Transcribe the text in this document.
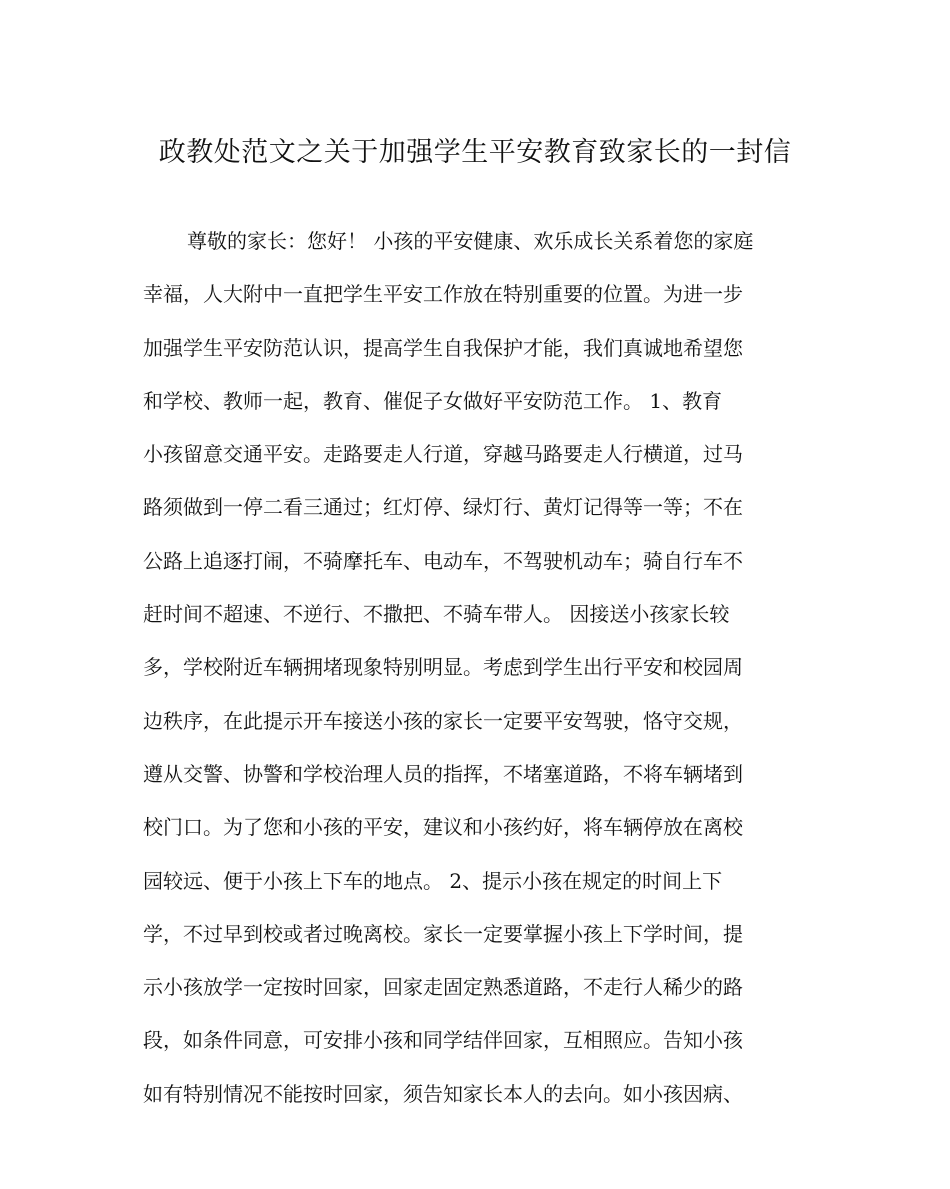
政教处范文之关于加强学生平安教育致家长的一封信
尊敬的家长：您好！ 小孩的平安健康、欢乐成长关系着您的家庭
幸福，人大附中一直把学生平安工作放在特别重要的位置。为进一步
加强学生平安防范认识，提高学生自我保护才能，我们真诚地希望您
和学校、教师一起，教育、催促子女做好平安防范工作。 1、教育
小孩留意交通平安。走路要走人行道，穿越马路要走人行横道，过马
路须做到一停二看三通过；红灯停、绿灯行、黄灯记得等一等；不在
公路上追逐打闹，不骑摩托车、电动车，不驾驶机动车；骑自行车不
赶时间不超速、不逆行、不撒把、不骑车带人。 因接送小孩家长较
多，学校附近车辆拥堵现象特别明显。考虑到学生出行平安和校园周
边秩序，在此提示开车接送小孩的家长一定要平安驾驶，恪守交规，
遵从交警、协警和学校治理人员的指挥，不堵塞道路，不将车辆堵到
校门口。为了您和小孩的平安，建议和小孩约好，将车辆停放在离校
园较远、便于小孩上下车的地点。 2、提示小孩在规定的时间上下
学，不过早到校或者过晚离校。家长一定要掌握小孩上下学时间，提
示小孩放学一定按时回家，回家走固定熟悉道路，不走行人稀少的路
段，如条件同意，可安排小孩和同学结伴回家，互相照应。告知小孩
如有特别情况不能按时回家，须告知家长本人的去向。如小孩因病、
